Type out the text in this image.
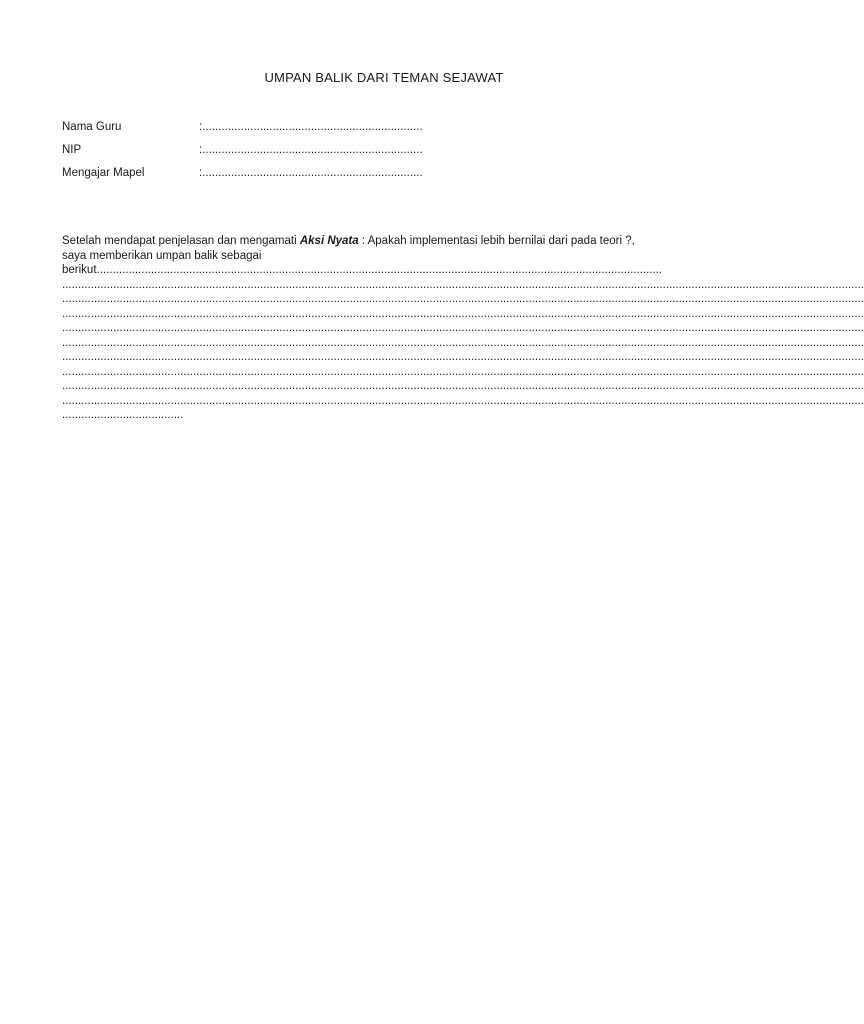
UMPAN BALIK DARI TEMAN SEJAWAT
Nama Guru	:.....................................................................
NIP	:.....................................................................
Mengajar Mapel	:.....................................................................

Setelah mendapat penjelasan dan mengamati Aksi Nyata : Apakah implementasi lebih bernilai dari pada teori ?,

saya memberikan umpan balik sebagai

berikut.................................................................................................................................................................................
...........................................................................................................................................................................................................................................................
...........................................................................................................................................................................................................................................................
...........................................................................................................................................................................................................................................................
...........................................................................................................................................................................................................................................................
...........................................................................................................................................................................................................................................................
...........................................................................................................................................................................................................................................................
...........................................................................................................................................................................................................................................................
...........................................................................................................................................................................................................................................................
...........................................................................................................................................................................................................................................................
......................................
